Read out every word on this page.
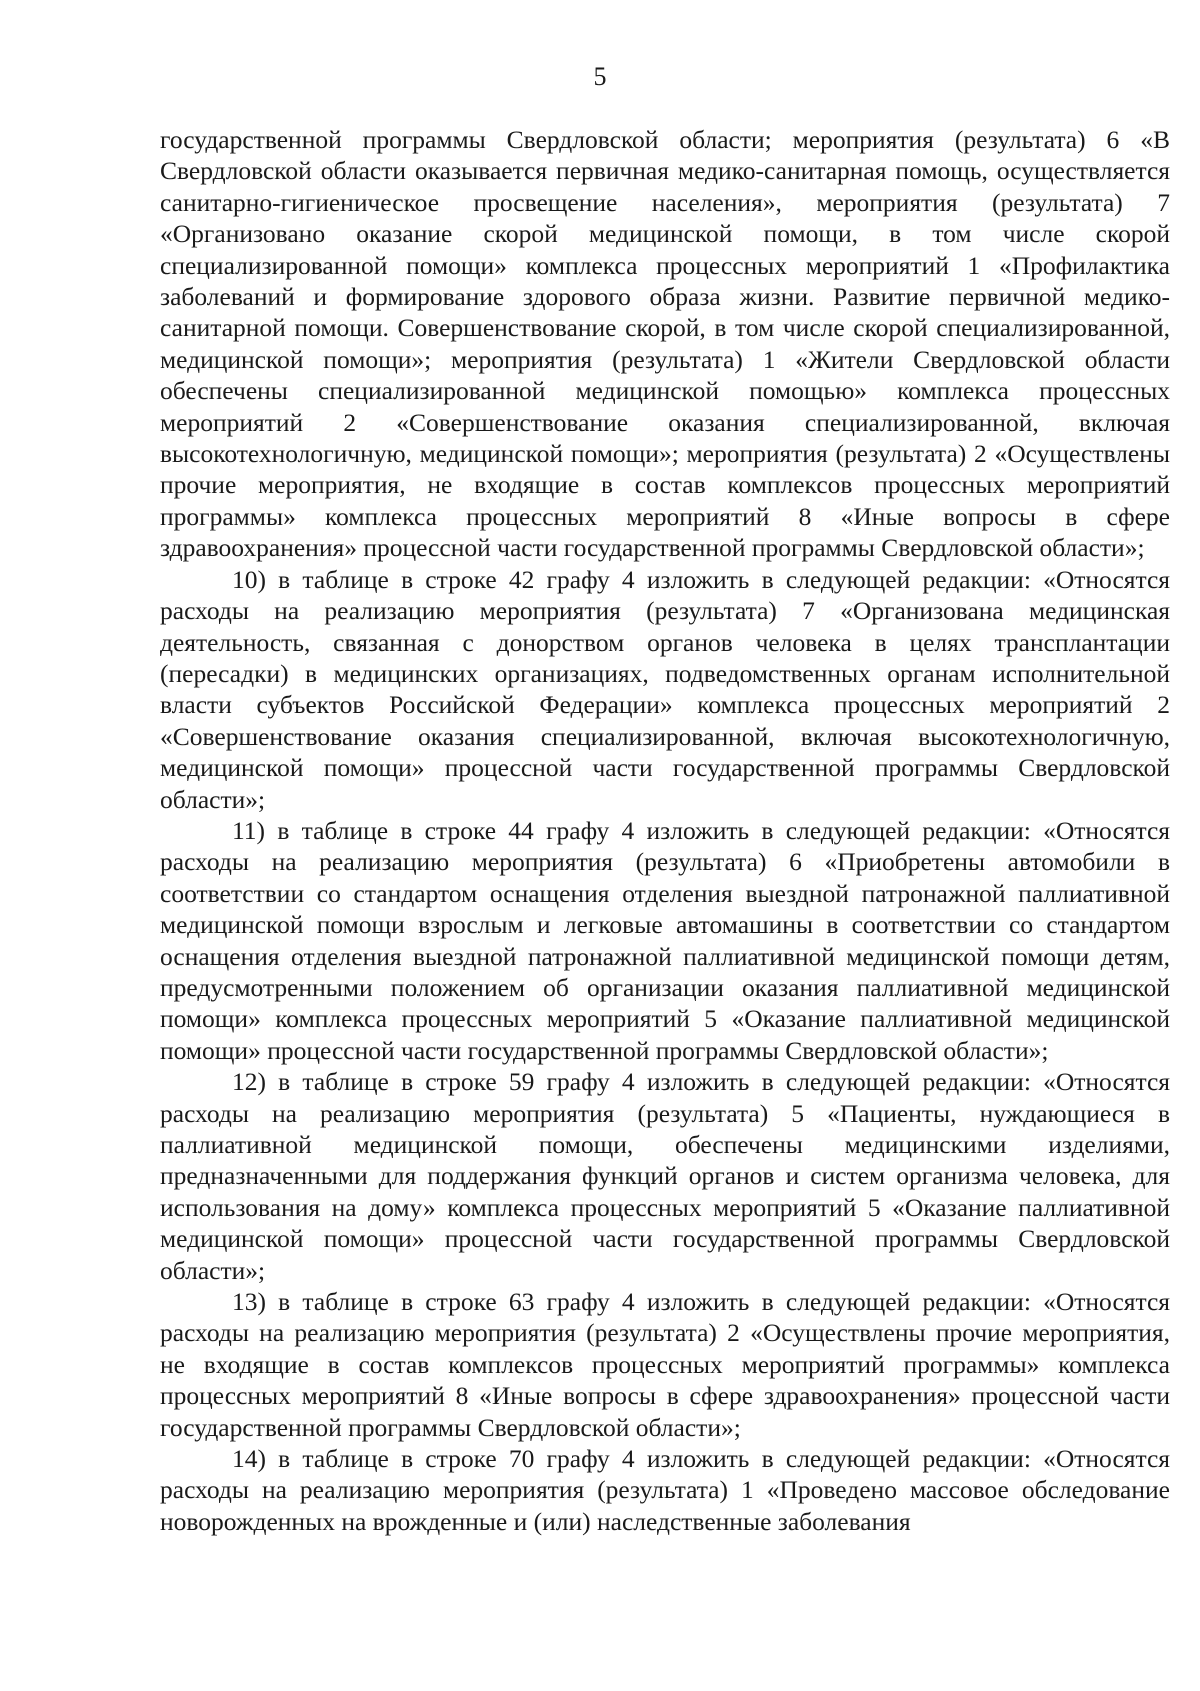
5

государственной программы Свердловской области; мероприятия (результата) 6 «В Свердловской области оказывается первичная медико-санитарная помощь, осуществляется санитарно-гигиеническое просвещение населения», мероприятия (результата) 7 «Организовано оказание скорой медицинской помощи, в том числе скорой специализированной помощи» комплекса процессных мероприятий 1 «Профилактика заболеваний и формирование здорового образа жизни. Развитие первичной медико-санитарной помощи. Совершенствование скорой, в том числе скорой специализированной, медицинской помощи»; мероприятия (результата) 1 «Жители Свердловской области обеспечены специализированной медицинской помощью» комплекса процессных мероприятий 2 «Совершенствование оказания специализированной, включая высокотехнологичную, медицинской помощи»; мероприятия (результата) 2 «Осуществлены прочие мероприятия, не входящие в состав комплексов процессных мероприятий программы» комплекса процессных мероприятий 8 «Иные вопросы в сфере здравоохранения» процессной части государственной программы Свердловской области»;

10) в таблице в строке 42 графу 4 изложить в следующей редакции: «Относятся расходы на реализацию мероприятия (результата) 7 «Организована медицинская деятельность, связанная с донорством органов человека в целях трансплантации (пересадки) в медицинских организациях, подведомственных органам исполнительной власти субъектов Российской Федерации» комплекса процессных мероприятий 2 «Совершенствование оказания специализированной, включая высокотехнологичную, медицинской помощи» процессной части государственной программы Свердловской области»;

11) в таблице в строке 44 графу 4 изложить в следующей редакции: «Относятся расходы на реализацию мероприятия (результата) 6 «Приобретены автомобили в соответствии со стандартом оснащения отделения выездной патронажной паллиативной медицинской помощи взрослым и легковые автомашины в соответствии со стандартом оснащения отделения выездной патронажной паллиативной медицинской помощи детям, предусмотренными положением об организации оказания паллиативной медицинской помощи» комплекса процессных мероприятий 5 «Оказание паллиативной медицинской помощи» процессной части государственной программы Свердловской области»;

12) в таблице в строке 59 графу 4 изложить в следующей редакции: «Относятся расходы на реализацию мероприятия (результата) 5 «Пациенты, нуждающиеся в паллиативной медицинской помощи, обеспечены медицинскими изделиями, предназначенными для поддержания функций органов и систем организма человека, для использования на дому» комплекса процессных мероприятий 5 «Оказание паллиативной медицинской помощи» процессной части государственной программы Свердловской области»;

13) в таблице в строке 63 графу 4 изложить в следующей редакции: «Относятся расходы на реализацию мероприятия (результата) 2 «Осуществлены прочие мероприятия, не входящие в состав комплексов процессных мероприятий программы» комплекса процессных мероприятий 8 «Иные вопросы в сфере здравоохранения» процессной части государственной программы Свердловской области»;

14) в таблице в строке 70 графу 4 изложить в следующей редакции: «Относятся расходы на реализацию мероприятия (результата) 1 «Проведено массовое обследование новорожденных на врожденные и (или) наследственные заболевания
